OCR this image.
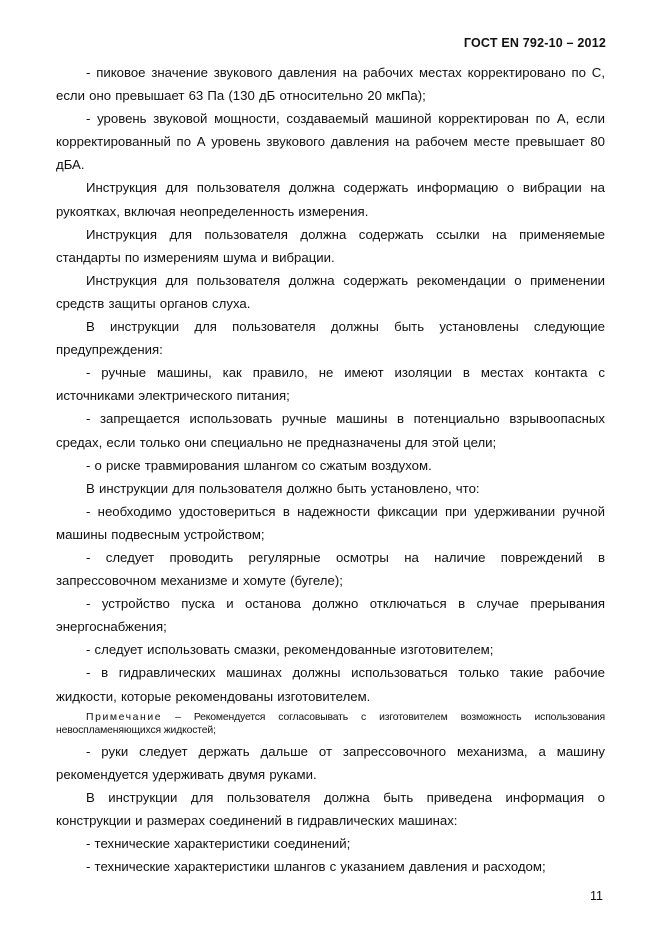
ГОСТ EN 792-10 – 2012

- пиковое значение звукового давления на рабочих местах корректировано по С, если оно превышает 63 Па (130 дБ относительно 20 мкПа);

- уровень звуковой мощности, создаваемый машиной корректирован по А, если корректированный по А уровень звукового давления на рабочем месте превышает 80 дБА.

Инструкция для пользователя должна содержать информацию о вибрации на рукоятках, включая неопределенность измерения.

Инструкция для пользователя должна содержать ссылки на применяемые стандарты по измерениям шума и вибрации.

Инструкция для пользователя должна содержать рекомендации о применении средств защиты органов слуха.

В инструкции для пользователя должны быть установлены следующие предупреждения:

- ручные машины, как правило, не имеют изоляции в местах контакта с источниками электрического питания;

- запрещается использовать ручные машины в потенциально взрывоопасных средах, если только они специально не предназначены для этой цели;

- о риске травмирования шлангом со сжатым воздухом.

В инструкции для пользователя должно быть установлено, что:

- необходимо удостовериться в надежности фиксации при удерживании ручной машины подвесным устройством;

- следует проводить регулярные осмотры на наличие повреждений в запрессовочном механизме и хомуте (бугеле);

- устройство пуска и останова должно отключаться в случае прерывания энергоснабжения;

- следует использовать смазки, рекомендованные изготовителем;

- в гидравлических машинах должны использоваться только такие рабочие жидкости, которые рекомендованы изготовителем.

Примечание – Рекомендуется согласовывать с изготовителем возможность использования невоспламеняющихся жидкостей;

- руки следует держать дальше от запрессовочного механизма, а машину рекомендуется удерживать двумя руками.

В инструкции для пользователя должна быть приведена информация о конструкции и размерах соединений в гидравлических машинах:

- технические характеристики соединений;

- технические характеристики шлангов с указанием давления и расходом;

11
